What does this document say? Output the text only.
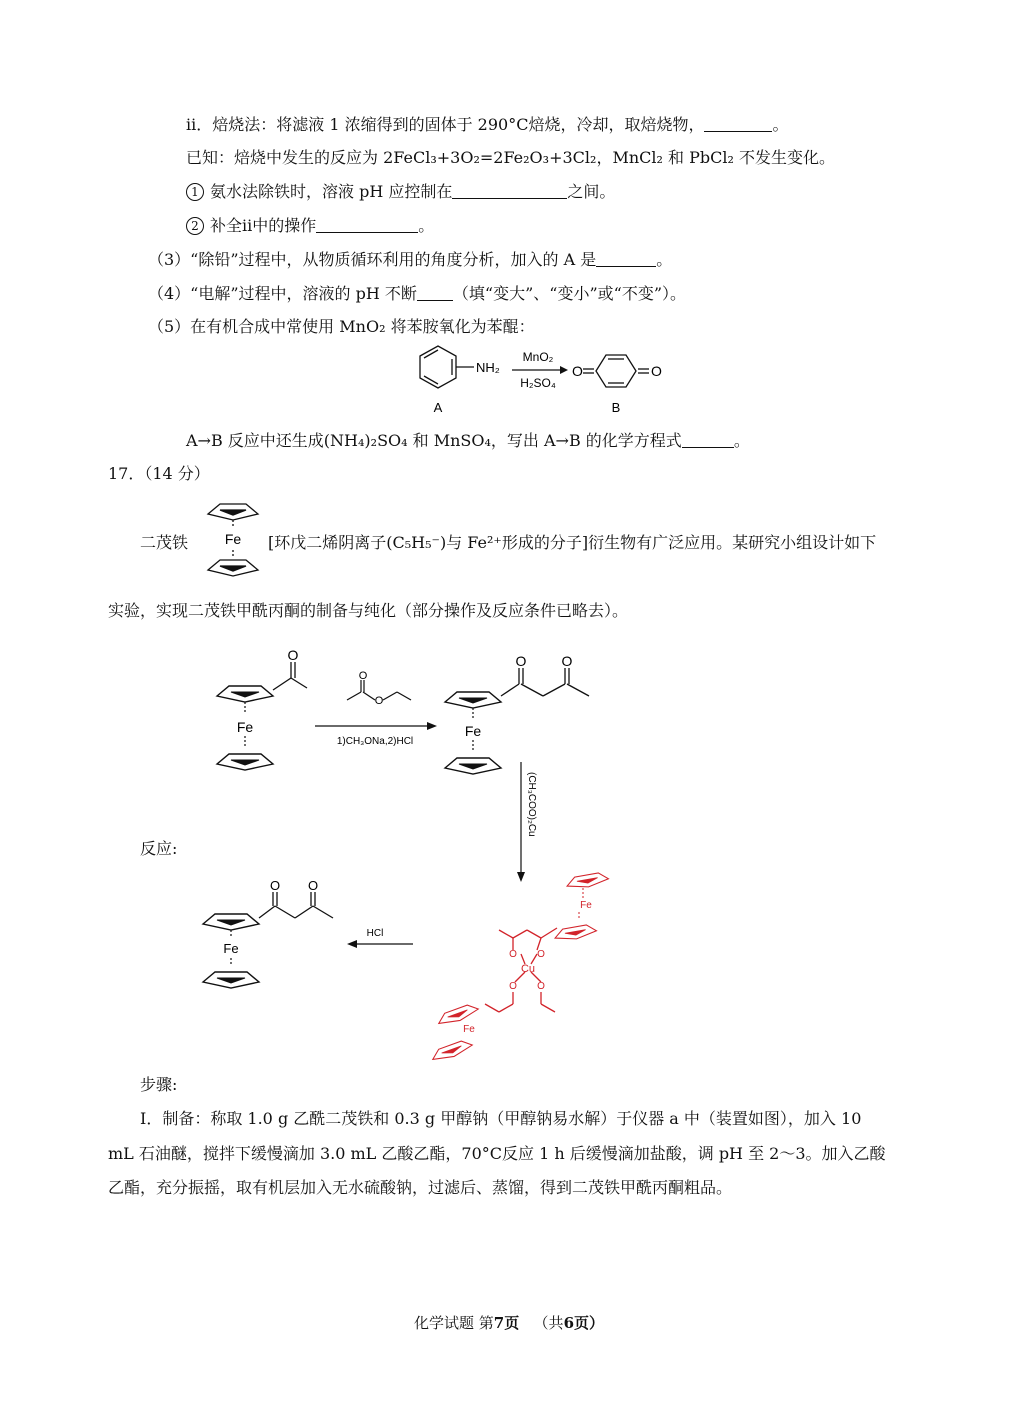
ii．焙烧法：将滤液 1 浓缩得到的固体于 290°C焙烧，冷却，取焙烧物，	。
已知：焙烧中发生的反应为 2FeCl₃+3O₂=2Fe₂O₃+3Cl₂，MnCl₂ 和 PbCl₂ 不发生变化。
1 氨水法除铁时，溶液 pH 应控制在	之间。
2 补全ii中的操作	。
（3）“除铅”过程中，从物质循环利用的角度分析，加入的 A 是	。
（4）“电解”过程中，溶液的 pH 不断 （填“变大”、“变小”或“不变”）。
（5）在有机合成中常使用 MnO₂ 将苯胺氧化为苯醌：
NH₂
A
MnO₂
H₂SO₄
O	O
B
A→B 反应中还生成(NH₄)₂SO₄ 和 MnSO₄，写出 A→B 的化学方程式	。
17．（14 分）
二茂铁	Fe [环戊二烯阴离子(C₅H₅⁻)与 Fe²⁺形成的分子]衍生物有广泛应用。某研究小组设计如下
实验，实现二茂铁甲酰丙酮的制备与纯化（部分操作及反应条件已略去）。
O
Fe
O
O
1)CH₃ONa,2)HCl
O	O
Fe
(CH₃COO)₂Cu
O O
Fe
HCl
Fe
O O
Cu
O O
Fe
反应:
步骤:
I．制备：称取 1.0 g 乙酰二茂铁和 0.3 g 甲醇钠（甲醇钠易水解）于仪器 a 中（装置如图），加入 10
mL 石油醚，搅拌下缓慢滴加 3.0 mL 乙酸乙酯，70°C反应 1 h 后缓慢滴加盐酸，调 pH 至 2～3。加入乙酸
乙酯，充分振摇，取有机层加入无水硫酸钠，过滤后、蒸馏，得到二茂铁甲酰丙酮粗品。
化学试题 第7页 （共6页）
